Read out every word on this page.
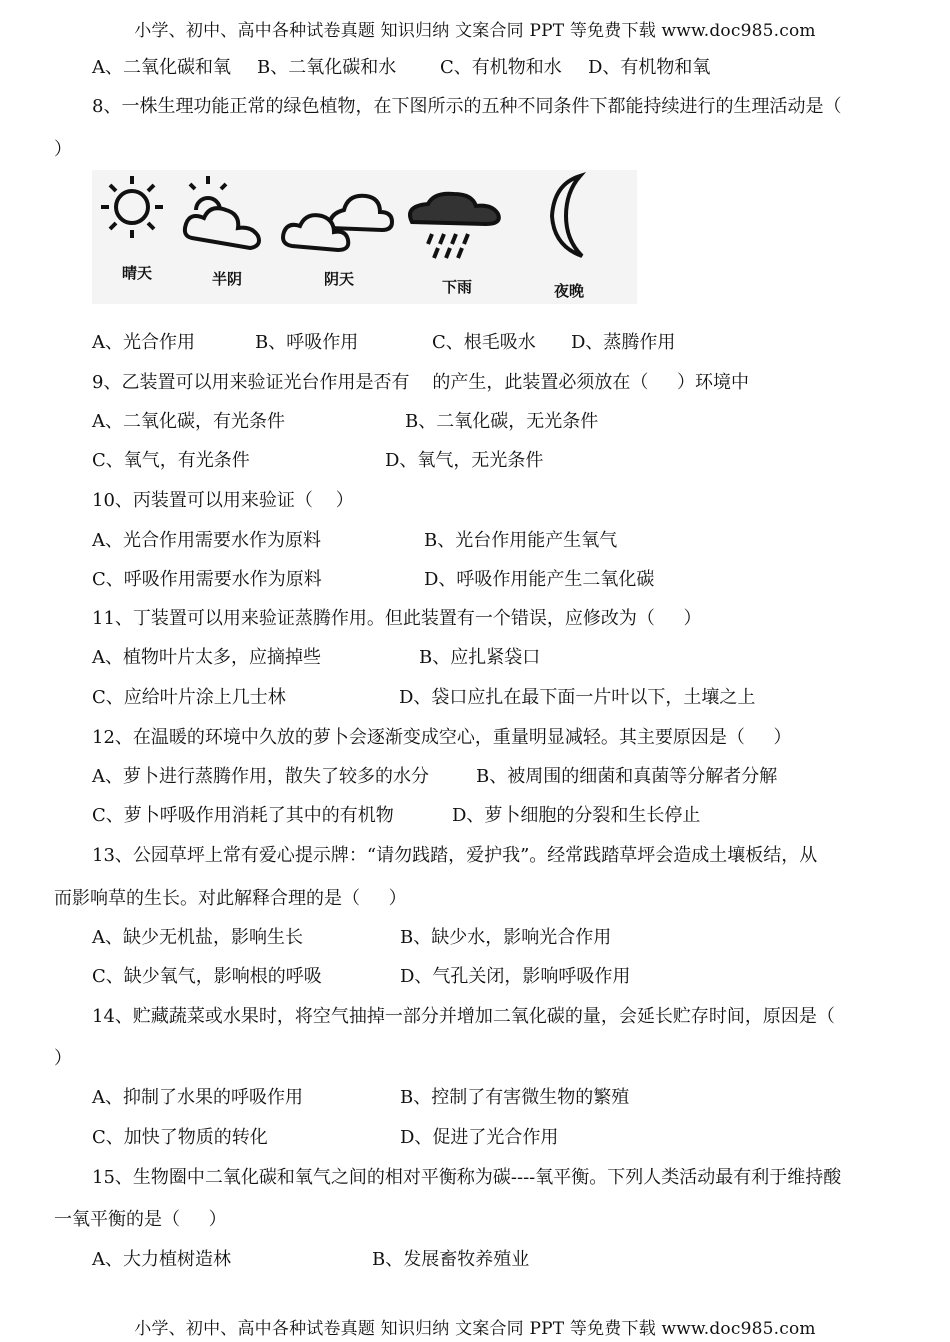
小学、初中、高中各种试卷真题 知识归纳 文案合同 PPT 等免费下载 www.doc985.com
A、二氧化碳和氧 B、二氧化碳和水 C、有机物和水 D、有机物和氧
8、一株生理功能正常的绿色植物，在下图所示的五种不同条件下都能持续进行的生理活动是（
）
晴天	半阴	阴天	下雨	夜晚
A、光合作用	B、呼吸作用	C、根毛吸水 D、蒸腾作用
9、乙装置可以用来验证光台作用是否有    的产生，此装置必须放在（     ）环境中
A、二氧化碳，有光条件	B、二氧化碳，无光条件
C、氧气，有光条件	D、氧气，无光条件
10、丙装置可以用来验证（    ）
A、光合作用需要水作为原料	B、光台作用能产生氧气
C、呼吸作用需要水作为原料	D、呼吸作用能产生二氧化碳
11、丁装置可以用来验证蒸腾作用。但此装置有一个错误，应修改为（     ）
A、植物叶片太多，应摘掉些	B、应扎紧袋口
C、应给叶片涂上几士林	D、袋口应扎在最下面一片叶以下，土壤之上
12、在温暖的环境中久放的萝卜会逐渐变成空心，重量明显减轻。其主要原因是（     ）
A、萝卜进行蒸腾作用，散失了较多的水分	B、被周围的细菌和真菌等分解者分解
C、萝卜呼吸作用消耗了其中的有机物	D、萝卜细胞的分裂和生长停止
13、公园草坪上常有爱心提示牌：“请勿践踏，爱护我”。经常践踏草坪会造成土壤板结，从
而影响草的生长。对此解释合理的是（     ）
A、缺少无机盐，影响生长	B、缺少水，影响光合作用
C、缺少氧气，影响根的呼吸	D、气孔关闭，影响呼吸作用
14、贮藏蔬菜或水果时，将空气抽掉一部分并增加二氧化碳的量，会延长贮存时间，原因是（
）
A、抑制了水果的呼吸作用	B、控制了有害微生物的繁殖
C、加快了物质的转化	D、促进了光合作用
15、生物圈中二氧化碳和氧气之间的相对平衡称为碳----氧平衡。下列人类活动最有利于维持酸
一氧平衡的是（     ）
A、大力植树造林	B、发展畜牧养殖业
小学、初中、高中各种试卷真题 知识归纳 文案合同 PPT 等免费下载 www.doc985.com
